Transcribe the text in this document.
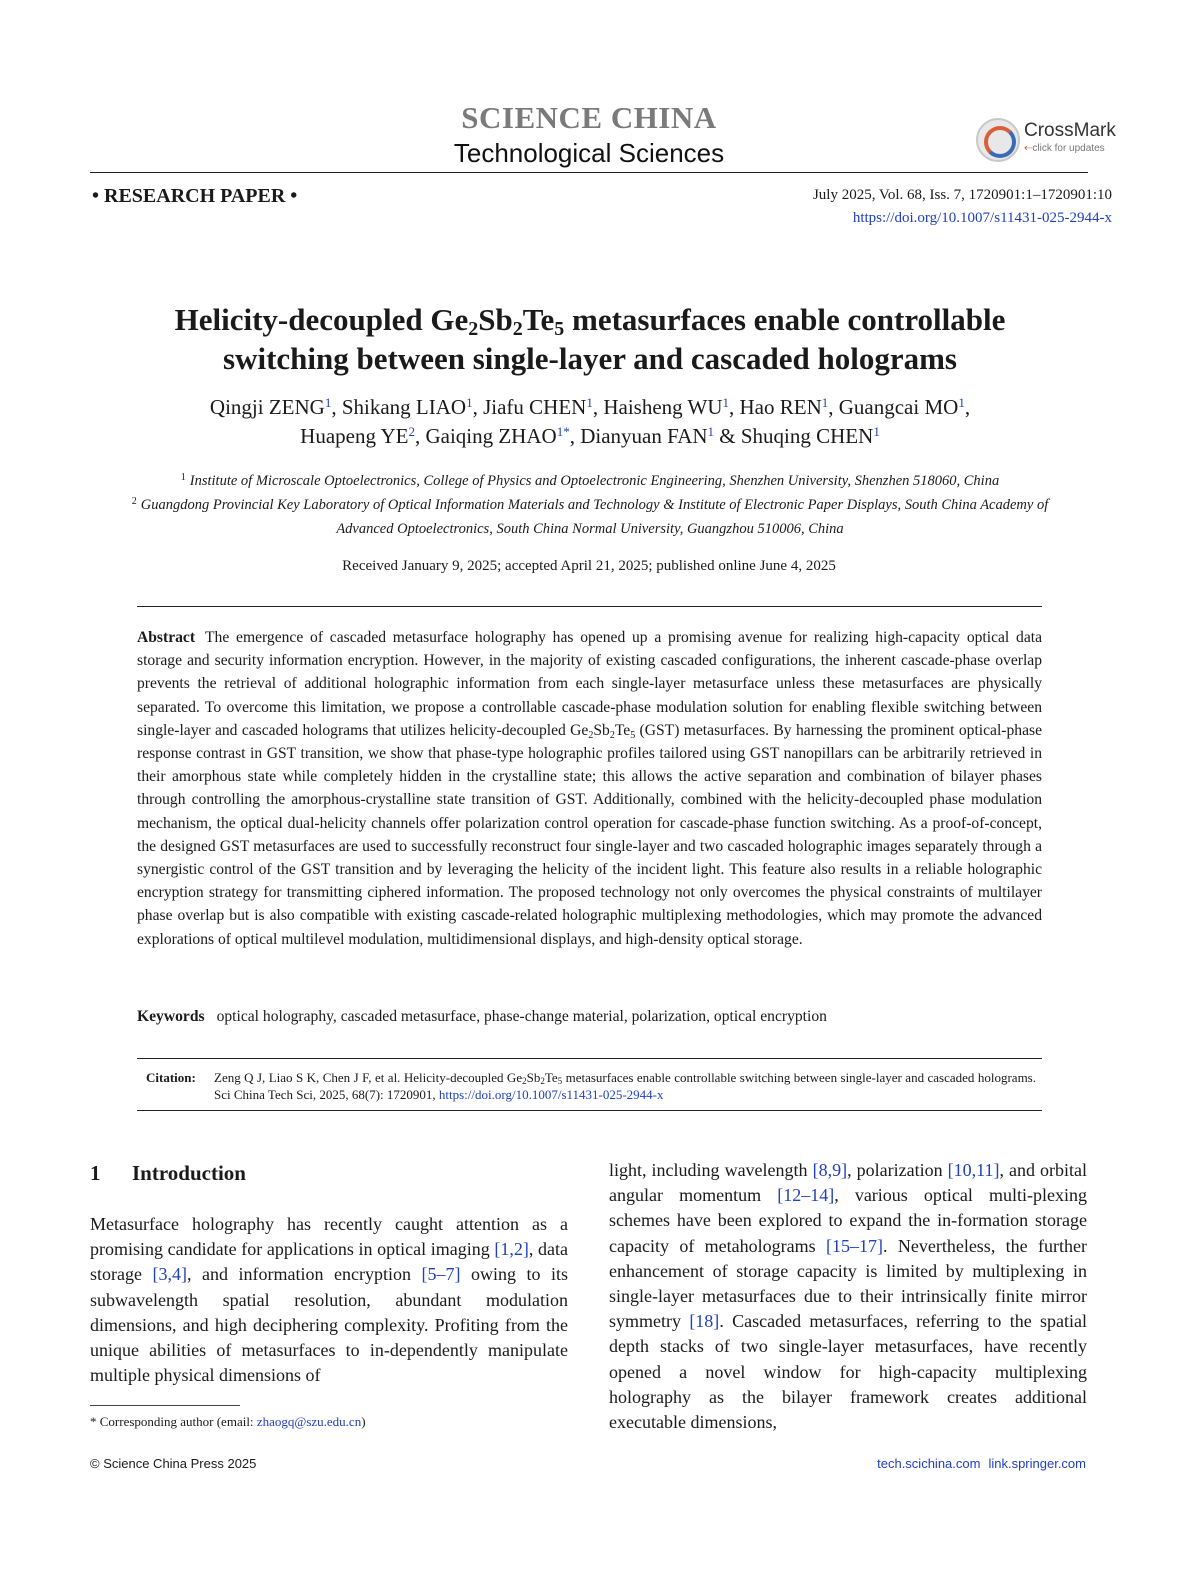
SCIENCE CHINA
Technological Sciences
CrossMark
⇠click for updates
• RESEARCH PAPER •	July 2025, Vol. 68, Iss. 7, 1720901:1–1720901:10
https://doi.org/10.1007/s11431-025-2944-x
Helicity-decoupled $Ge_2Sb_2Te_5$ metasurfaces enable controllable
switching between single-layer and cascaded holograms
Qingji ZENG$^1$, Shikang LIAO$^1$, Jiafu CHEN$^1$, Haisheng $WU^1$, Hao REN$^1$, Guangcai $MO^1$,
Huapeng $YE^2$, Gaiqing $ZHAO^{1*}$, Dianyuan FAN$^1$ & Shuqing CHEN$^1$
$^1$ Institute of Microscale Optoelectronics, College of Physics and Optoelectronic Engineering, Shenzhen University, Shenzhen 518060, China
$^2$ Guangdong Provincial Key Laboratory of Optical Information Materials and Technology & Institute of Electronic Paper Displays, South China Academy of Advanced Optoelectronics, South China Normal University, Guangzhou 510006, China
Received January 9, 2025; accepted April 21, 2025; published online June 4, 2025
Abstract The emergence of cascaded metasurface holography has opened up a promising avenue for realizing high-capacity optical data storage and security information encryption. However, in the majority of existing cascaded configurations, the inherent cascade-phase overlap prevents the retrieval of additional holographic information from each single-layer metasurface unless these metasurfaces are physically separated. To overcome this limitation, we propose a controllable cascade-phase modulation solution for enabling flexible switching between single-layer and cascaded holograms that utilizes helicity-decoupled $Ge_2Sb_2Te_5$ (GST) metasurfaces. By harnessing the prominent optical-phase response contrast in GST transition, we show that phase-type holographic profiles tailored using GST nanopillars can be arbitrarily retrieved in their amorphous state while completely hidden in the crystalline state; this allows the active separation and combination of bilayer phases through controlling the amorphous-crystalline state transition of GST. Additionally, combined with the helicity-decoupled phase modulation mechanism, the optical dual-helicity channels offer polarization control operation for cascade-phase function switching. As a proof-of-concept, the designed GST metasurfaces are used to successfully reconstruct four single-layer and two cascaded holographic images separately through a synergistic control of the GST transition and by leveraging the helicity of the incident light. This feature also results in a reliable holographic encryption strategy for transmitting ciphered information. The proposed technology not only overcomes the physical constraints of multilayer phase overlap but is also compatible with existing cascade-related holographic multiplexing methodologies, which may promote the advanced explorations of optical multilevel modulation, multidimensional displays, and high-density optical storage.
Keywords optical holography, cascaded metasurface, phase-change material, polarization, optical encryption
Citation: Zeng Q J, Liao S K, Chen J F, et al. Helicity-decoupled $Ge_2Sb_2Te_5$ metasurfaces enable controllable switching between single-layer and cascaded holograms. Sci China Tech Sci, 2025, 68(7): 1720901, https://doi.org/10.1007/s11431-025-2944-x
1 Introduction
Metasurface holography has recently caught attention as a promising candidate for applications in optical imaging [1,2], data storage [3,4], and information encryption [5–7] owing to its subwavelength spatial resolution, abundant modulation dimensions, and high deciphering complexity. Profiting from the unique abilities of metasurfaces to in-dependently manipulate multiple physical dimensions of
light, including wavelength [8,9], polarization [10,11], and orbital angular momentum [12–14], various optical multi-plexing schemes have been explored to expand the in-formation storage capacity of metaholograms [15–17]. Nevertheless, the further enhancement of storage capacity is limited by multiplexing in single-layer metasurfaces due to their intrinsically finite mirror symmetry [18]. Cascaded metasurfaces, referring to the spatial depth stacks of two single-layer metasurfaces, have recently opened a novel window for high-capacity multiplexing holography as the bilayer framework creates additional executable dimensions,
* Corresponding author (email: zhaogq@szu.edu.cn)
© Science China Press 2025	tech.scichina.com link.springer.com
